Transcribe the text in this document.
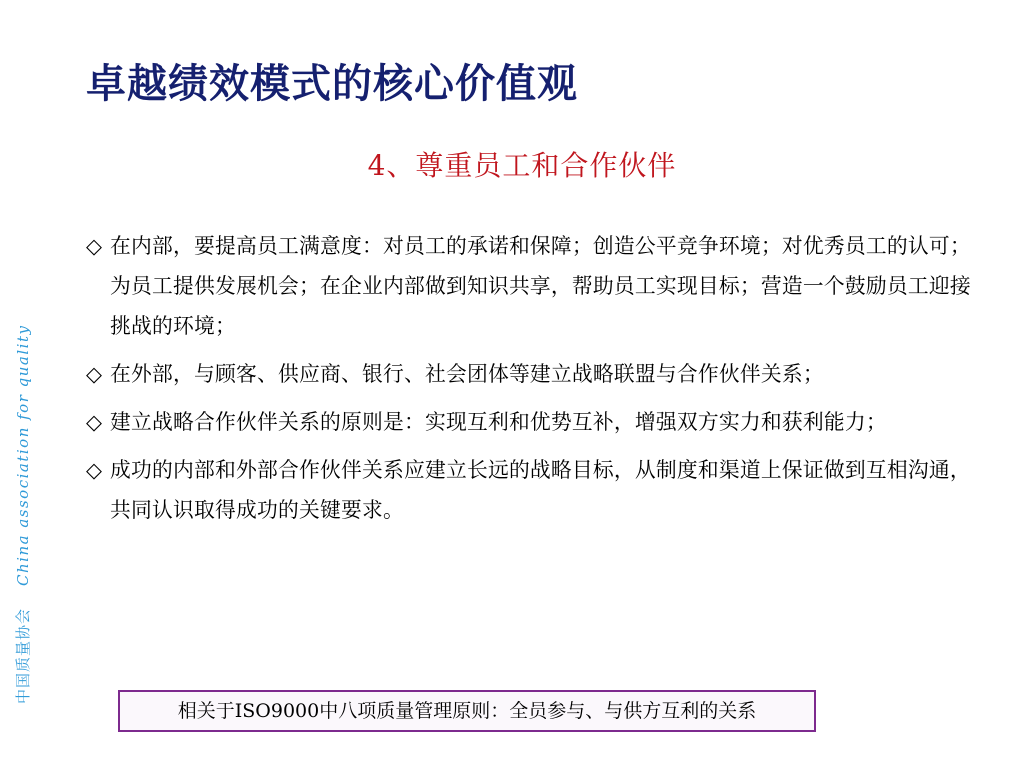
卓越绩效模式的核心价值观
4、尊重员工和合作伙伴
◇ 在内部，要提高员工满意度：对员工的承诺和保障；创造公平竞争环境；对优秀员工的认可；为员工提供发展机会；在企业内部做到知识共享，帮助员工实现目标；营造一个鼓励员工迎接挑战的环境；
◇ 在外部，与顾客、供应商、银行、社会团体等建立战略联盟与合作伙伴关系；
◇ 建立战略合作伙伴关系的原则是：实现互利和优势互补，增强双方实力和获利能力；
◇ 成功的内部和外部合作伙伴关系应建立长远的战略目标，从制度和渠道上保证做到互相沟通，共同认识取得成功的关键要求。
中国质量协会China association for quality
相关于ISO9000中八项质量管理原则：全员参与、与供方互利的关系
